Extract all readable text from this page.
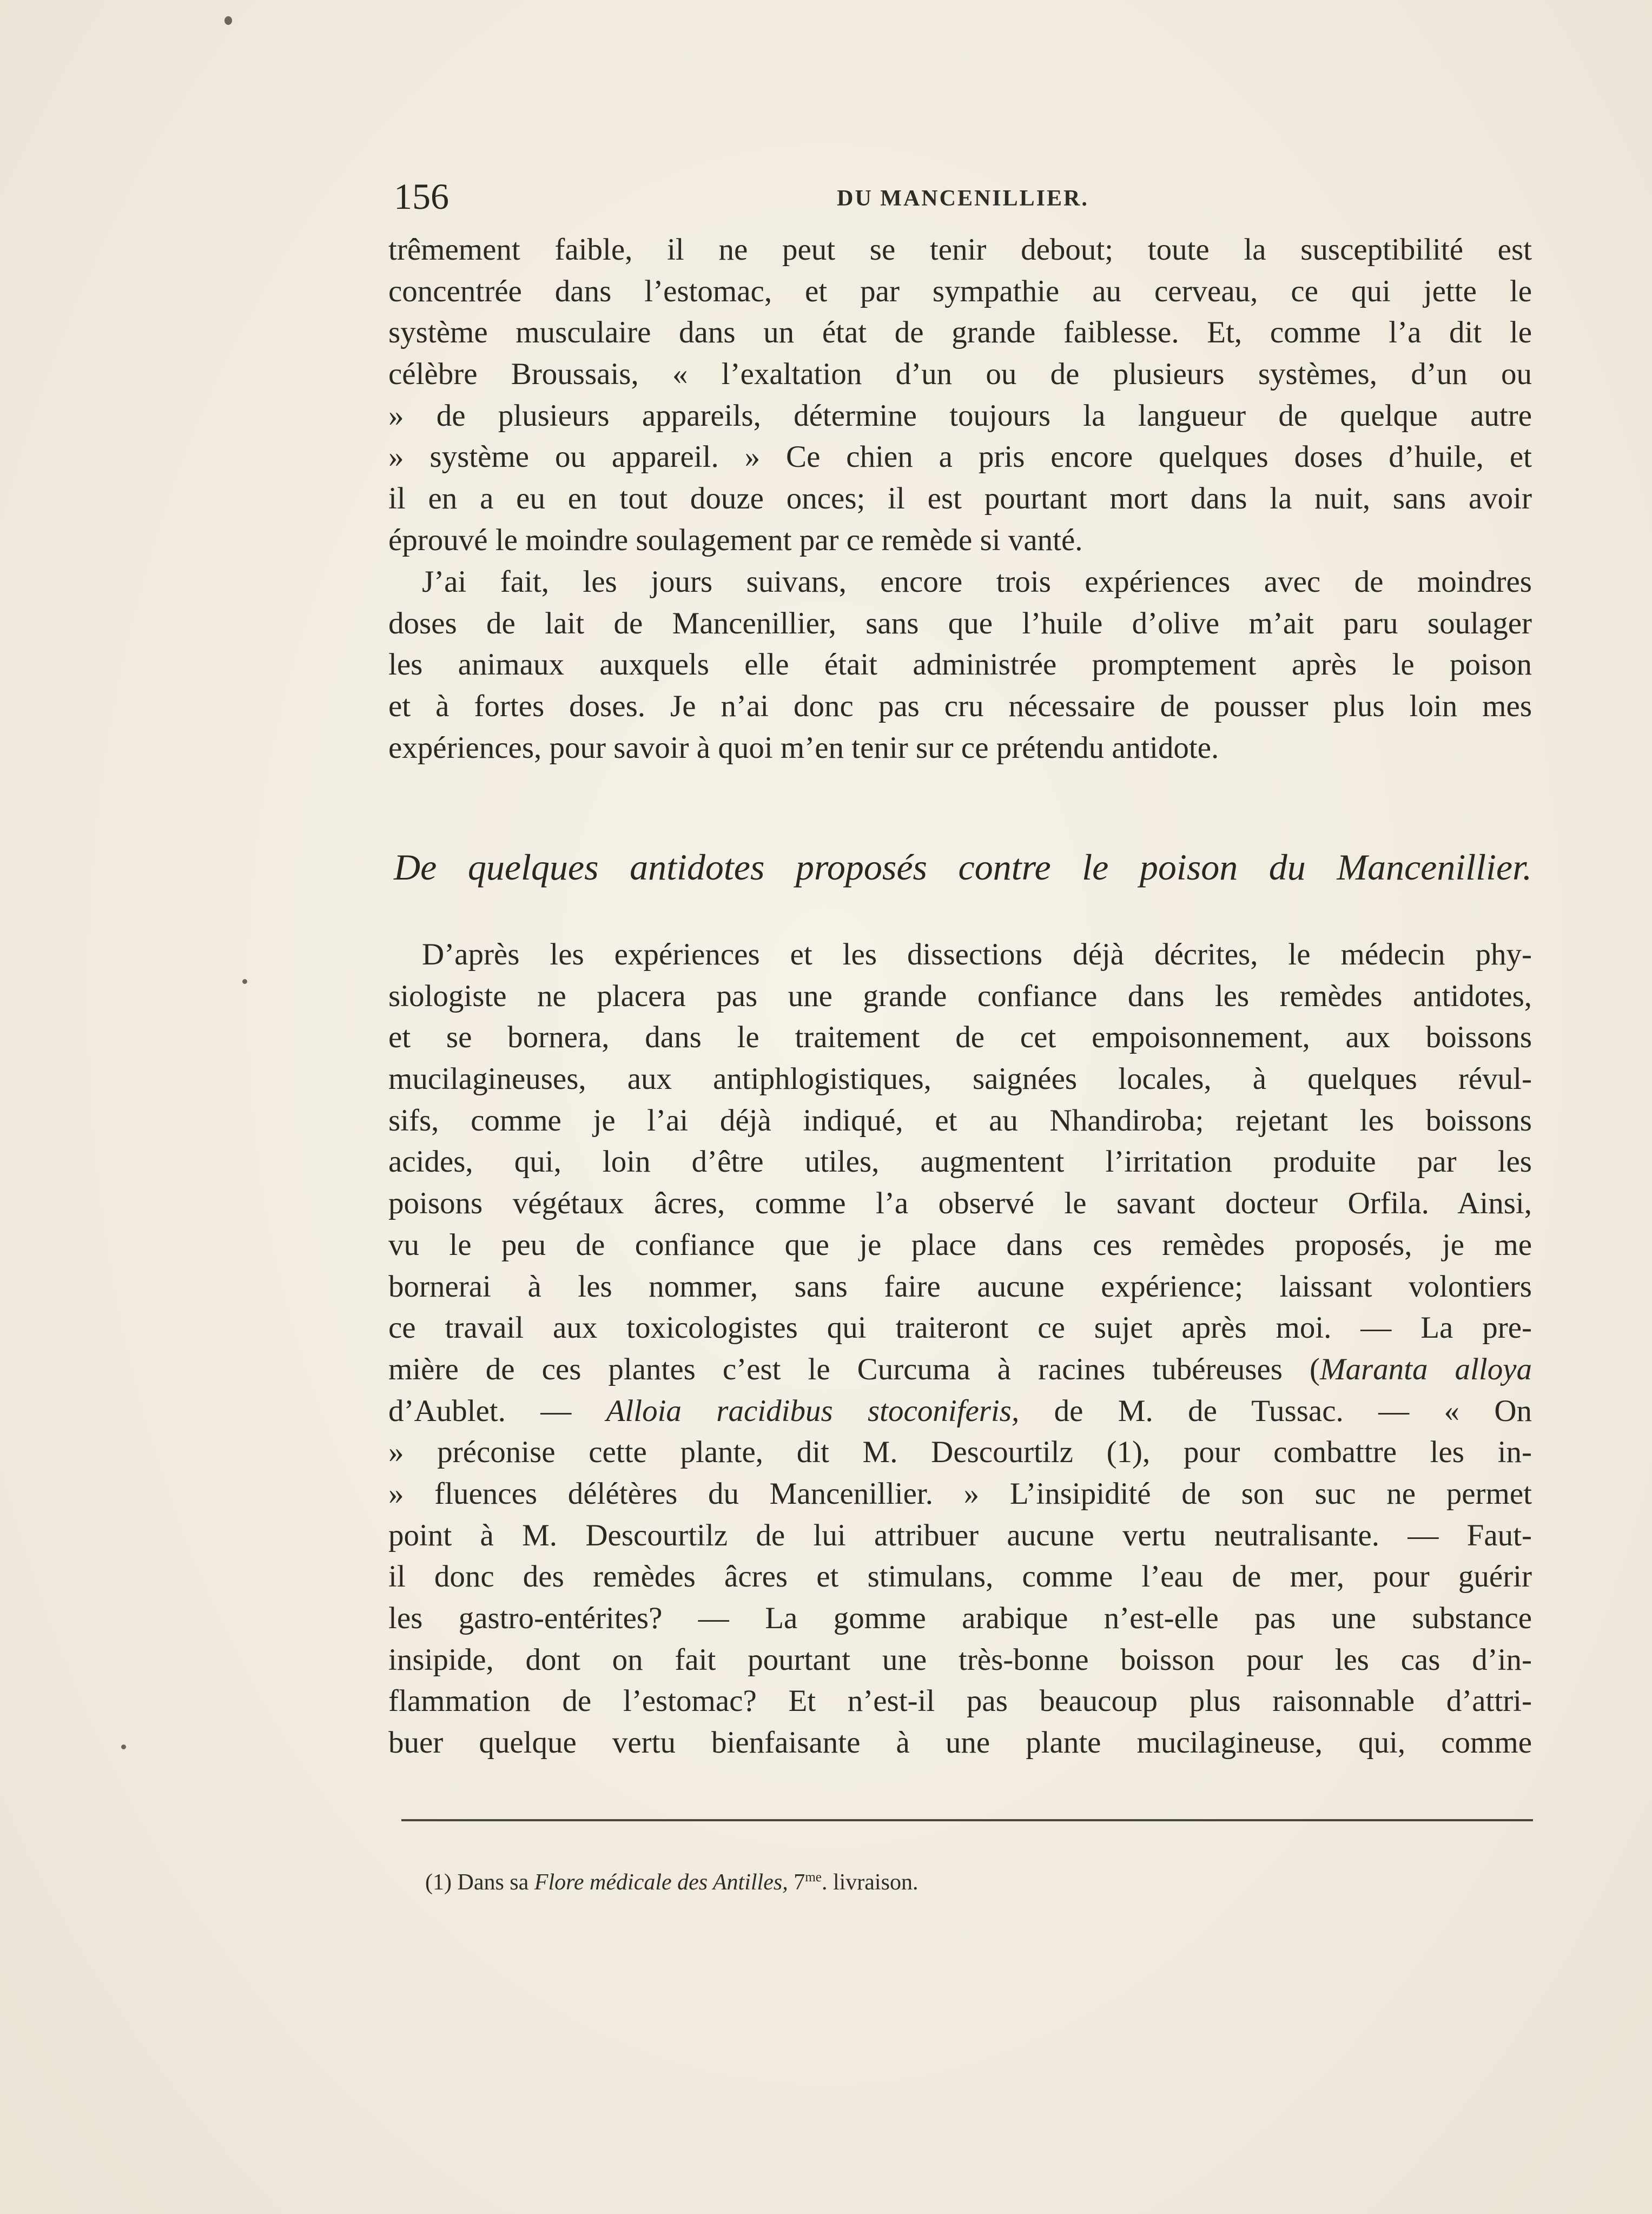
156	DU MANCENILLIER.
trêmement faible, il ne peut se tenir debout; toute la susceptibilité est
concentrée dans l’estomac, et par sympathie au cerveau, ce qui jette le
système musculaire dans un état de grande faiblesse. Et, comme l’a dit le
célèbre Broussais, « l’exaltation d’un ou de plusieurs systèmes, d’un ou
» de plusieurs appareils, détermine toujours la langueur de quelque autre
» système ou appareil. » Ce chien a pris encore quelques doses d’huile, et
il en a eu en tout douze onces; il est pourtant mort dans la nuit, sans avoir
éprouvé le moindre soulagement par ce remède si vanté.
J’ai fait, les jours suivans, encore trois expériences avec de moindres
doses de lait de Mancenillier, sans que l’huile d’olive m’ait paru soulager
les animaux auxquels elle était administrée promptement après le poison
et à fortes doses. Je n’ai donc pas cru nécessaire de pousser plus loin mes
expériences, pour savoir à quoi m’en tenir sur ce prétendu antidote.
De quelques antidotes proposés contre le poison du Mancenillier.
D’après les expériences et les dissections déjà décrites, le médecin phy-
siologiste ne placera pas une grande confiance dans les remèdes antidotes,
et se bornera, dans le traitement de cet empoisonnement, aux boissons
mucilagineuses, aux antiphlogistiques, saignées locales, à quelques révul-
sifs, comme je l’ai déjà indiqué, et au Nhandiroba; rejetant les boissons
acides, qui, loin d’être utiles, augmentent l’irritation produite par les
poisons végétaux âcres, comme l’a observé le savant docteur Orfila. Ainsi,
vu le peu de confiance que je place dans ces remèdes proposés, je me
bornerai à les nommer, sans faire aucune expérience; laissant volontiers
ce travail aux toxicologistes qui traiteront ce sujet après moi. — La pre-
mière de ces plantes c’est le Curcuma à racines tubéreuses (Maranta alloya
d’Aublet. — Alloia racidibus stoconiferis, de M. de Tussac. — « On
» préconise cette plante, dit M. Descourtilz (1), pour combattre les in-
» fluences délétères du Mancenillier. » L’insipidité de son suc ne permet
point à M. Descourtilz de lui attribuer aucune vertu neutralisante. — Faut-
il donc des remèdes âcres et stimulans, comme l’eau de mer, pour guérir
les gastro-entérites? — La gomme arabique n’est-elle pas une substance
insipide, dont on fait pourtant une très-bonne boisson pour les cas d’in-
flammation de l’estomac? Et n’est-il pas beaucoup plus raisonnable d’attri-
buer quelque vertu bienfaisante à une plante mucilagineuse, qui, comme
(1) Dans sa Flore médicale des Antilles, $7^{me}$. livraison.
